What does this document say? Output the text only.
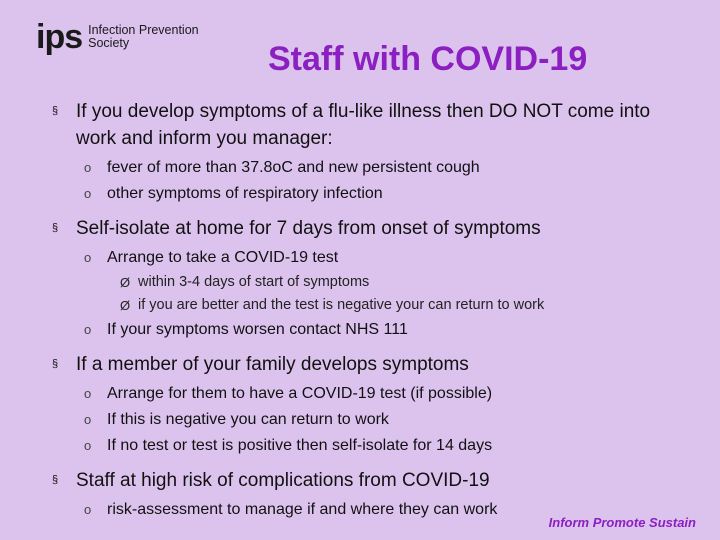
ips Infection Prevention
Society	Staff with COVID-19
§ If you develop symptoms of a flu-like illness then DO NOT come into work and inform you manager:
o fever of more than 37.8oC and new persistent cough
o other symptoms of respiratory infection
§ Self-isolate at home for 7 days from onset of symptoms
o Arrange to take a COVID-19 test
Ø within 3-4 days of start of symptoms
Ø if you are better and the test is negative your can return to work
o If your symptoms worsen contact NHS 111
§ If a member of your family develops symptoms
o Arrange for them to have a COVID-19 test (if possible)
o If this is negative you can return to work
o If no test or test is positive then self-isolate for 14 days
§ Staff at high risk of complications from COVID-19
o risk-assessment to manage if and where they can work
Inform Promote Sustain
